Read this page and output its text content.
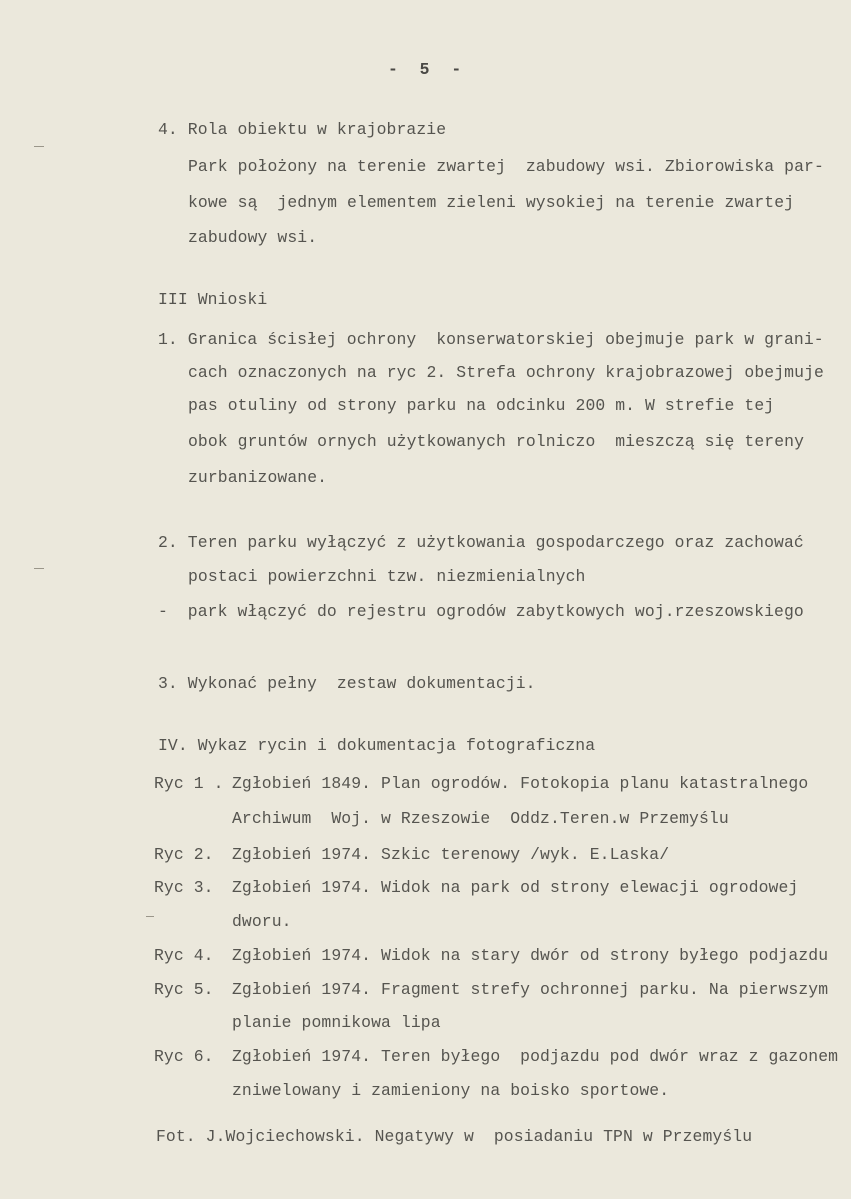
- 5 -
4. Rola obiektu w krajobrazie
Park położony na terenie zwartej  zabudowy wsi. Zbiorowiska par-
kowe są  jednym elementem zieleni wysokiej na terenie zwartej
zabudowy wsi.
III Wnioski
1. Granica ścisłej ochrony  konserwatorskiej obejmuje park w grani-
cach oznaczonych na ryc 2. Strefa ochrony krajobrazowej obejmuje
pas otuliny od strony parku na odcinku 200 m. W strefie tej
obok gruntów ornych użytkowanych rolniczo  mieszczą się tereny
zurbanizowane.
2. Teren parku wyłączyć z użytkowania gospodarczego oraz zachować
postaci powierzchni tzw. niezmienialnych
-  park włączyć do rejestru ogrodów zabytkowych woj.rzeszowskiego
3. Wykonać pełny  zestaw dokumentacji.
IV. Wykaz rycin i dokumentacja fotograficzna
Ryc 1 . Zgłobień 1849. Plan ogrodów. Fotokopia planu katastralnego
Archiwum  Woj. w Rzeszowie  Oddz.Teren.w Przemyślu
Ryc 2. Zgłobień 1974. Szkic terenowy /wyk. E.Laska/
Ryc 3. Zgłobień 1974. Widok na park od strony elewacji ogrodowej
dworu.
Ryc 4. Zgłobień 1974. Widok na stary dwór od strony byłego podjazdu
Ryc 5. Zgłobień 1974. Fragment strefy ochronnej parku. Na pierwszym
planie pomnikowa lipa
Ryc 6. Zgłobień 1974. Teren byłego  podjazdu pod dwór wraz z gazonem
zniwelowany i zamieniony na boisko sportowe.
Fot. J.Wojciechowski. Negatywy w  posiadaniu TPN w Przemyślu
